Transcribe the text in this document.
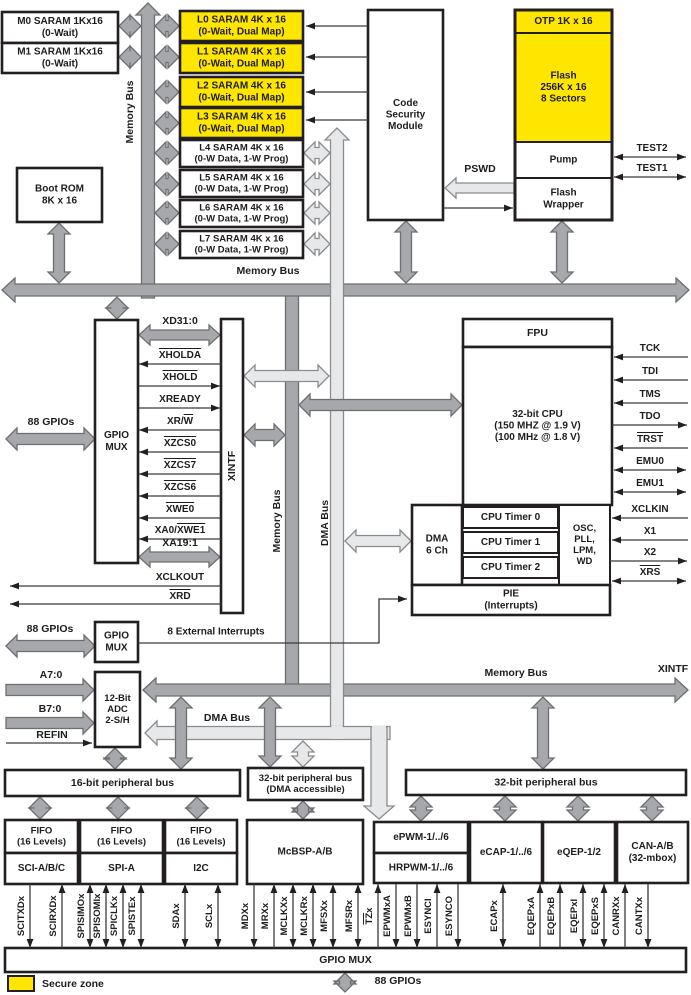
M0 SARAM 1Kx16
(0-Wait)
M1 SARAM 1Kx16
(0-Wait)
Boot ROM
8K x 16
L0 SARAM 4K x 16
(0-Wait, Dual Map)
L1 SARAM 4K x 16
(0-Wait, Dual Map)
L2 SARAM 4K x 16
(0-Wait, Dual Map)
L3 SARAM 4K x 16
(0-Wait, Dual Map)
L4 SARAM 4K x 16
(0-W Data, 1-W Prog)
L5 SARAM 4K x 16
(0-W Data, 1-W Prog)
L6 SARAM 4K x 16
(0-W Data, 1-W Prog)
L7 SARAM 4K x 16
(0-W Data, 1-W Prog)
Code
Security
Module
OTP 1K x 16
Flash
256K x 16
8 Sectors
Pump
Flash
Wrapper
GPIO
MUX
XINTF
FPU
32-bit CPU
(150 MHZ @ 1.9 V)
(100 MHz @ 1.8 V)
DMA
6 Ch
CPU Timer 0
CPU Timer 1
CPU Timer 2
OSC,
PLL,
LPM,
WD
PIE
(Interrupts)
GPIO
MUX
12-Bit
ADC
2-S/H
16-bit peripheral bus	32-bit peripheral bus
(DMA accessible)
32-bit peripheral bus
FIFO
(16 Levels)
SCI-A/B/C
FIFO
(16 Levels)
SPI-A
FIFO
(16 Levels)
I2C
McBSP-A/B
ePWM-1/../6
HRPWM-1/../6
eCAP-1/../6 eQEP-1/2
CAN-A/B
(32-mbox)
GPIO MUX
XHOLDA
XHOLD
XREADY
XR/W
XZCS0
XZCS7
XZCS6
XWE0
XA0/XWE1
XCLKOUT
XRD
TCK
TDI
TMS
TDO
TRST
EMU0
EMU1
XCLKIN
X1
X2
XRS
TEST2
TEST1
SCITXDx SCIRXDx SPISIMOx SPISOMIx SPICLKx SPISTEx	SDAx SCLx	MDXx MRXx MCLKXx MCLKRx MFSXx MFSRx TZx EPWMxA EPWMxB ESYNCI ESYNCO	ECAPx	EQEPxA EQEPxB EQEPxI EQEPxS CANRXx CANTXx
Memory Bus
Memory Bus
Memory Bus	DMA Bus
Memory Bus	XINTF
DMA Bus
88 GPIOs
88 GPIOs
88 GPIOs
8 External Interrupts
A7:0
B7:0
REFIN
PSWD
XD31:0
XA19:1
Secure zone
